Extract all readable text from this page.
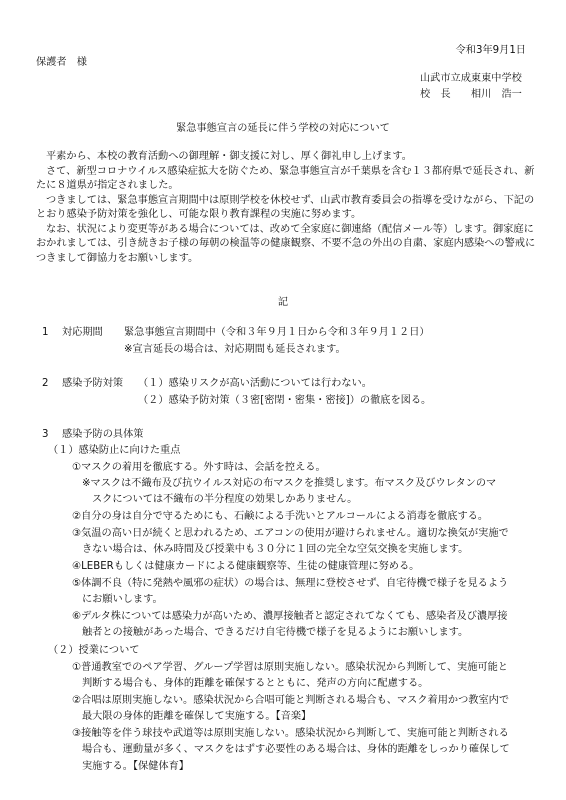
令和3年9月1日
保護者　様
山武市立成東東中学校
校　長　　相川　浩一
緊急事態宣言の延長に伴う学校の対応について

平素から、本校の教育活動への御理解・御支援に対し、厚く御礼申し上げます。

さて、新型コロナウイルス感染症拡大を防ぐため、緊急事態宣言が千葉県を含む１３都府県で延長され、新たに８道県が指定されました。

つきましては、緊急事態宣言期間中は原則学校を休校せず、山武市教育委員会の指導を受けながら、下記のとおり感染予防対策を強化し、可能な限り教育課程の実施に努めます。

なお、状況により変更等がある場合については、改めて全家庭に御連絡（配信メール等）します。御家庭におかれましては、引き続きお子様の毎朝の検温等の健康観察、不要不急の外出の自粛、家庭内感染への警戒につきまして御協力をお願いします。

記
1 対応期間 緊急事態宣言期間中（令和３年９月１日から令和３年９月１２日）
※宣言延長の場合は、対応期間も延長されます。
2 感染予防対策 （１）感染リスクが高い活動については行わない。
（２）感染予防対策（３密[密閉・密集・密接]）の徹底を図る。
3 感染予防の具体策
（１）感染防止に向けた重点
①マスクの着用を徹底する。外す時は、会話を控える。
※マスクは不織布及び抗ウイルス対応の布マスクを推奨します。布マスク及びウレタンのマ
スクについては不織布の半分程度の効果しかありません。
②自分の身は自分で守るためにも、石鹸による手洗いとアルコールによる消毒を徹底する。
③気温の高い日が続くと思われるため、エアコンの使用が避けられません。適切な換気が実施で
きない場合は、休み時間及び授業中も３０分に１回の完全な空気交換を実施します。
④LEBERもしくは健康カードによる健康観察等、生徒の健康管理に努める。
⑤体調不良（特に発熱や風邪の症状）の場合は、無理に登校させず、自宅待機で様子を見るよう
にお願いします。
⑥デルタ株については感染力が高いため、濃厚接触者と認定されてなくても、感染者及び濃厚接
触者との接触があった場合、できるだけ自宅待機で様子を見るようにお願いします。
（２）授業について
①普通教室でのペア学習、グループ学習は原則実施しない。感染状況から判断して、実施可能と
判断する場合も、身体的距離を確保するとともに、発声の方向に配慮する。
②合唱は原則実施しない。感染状況から合唱可能と判断される場合も、マスク着用かつ教室内で
最大限の身体的距離を確保して実施する。【音楽】
③接触等を伴う球技や武道等は原則実施しない。感染状況から判断して、実施可能と判断される
場合も、運動量が多く、マスクをはずす必要性のある場合は、身体的距離をしっかり確保して
実施する。【保健体育】
